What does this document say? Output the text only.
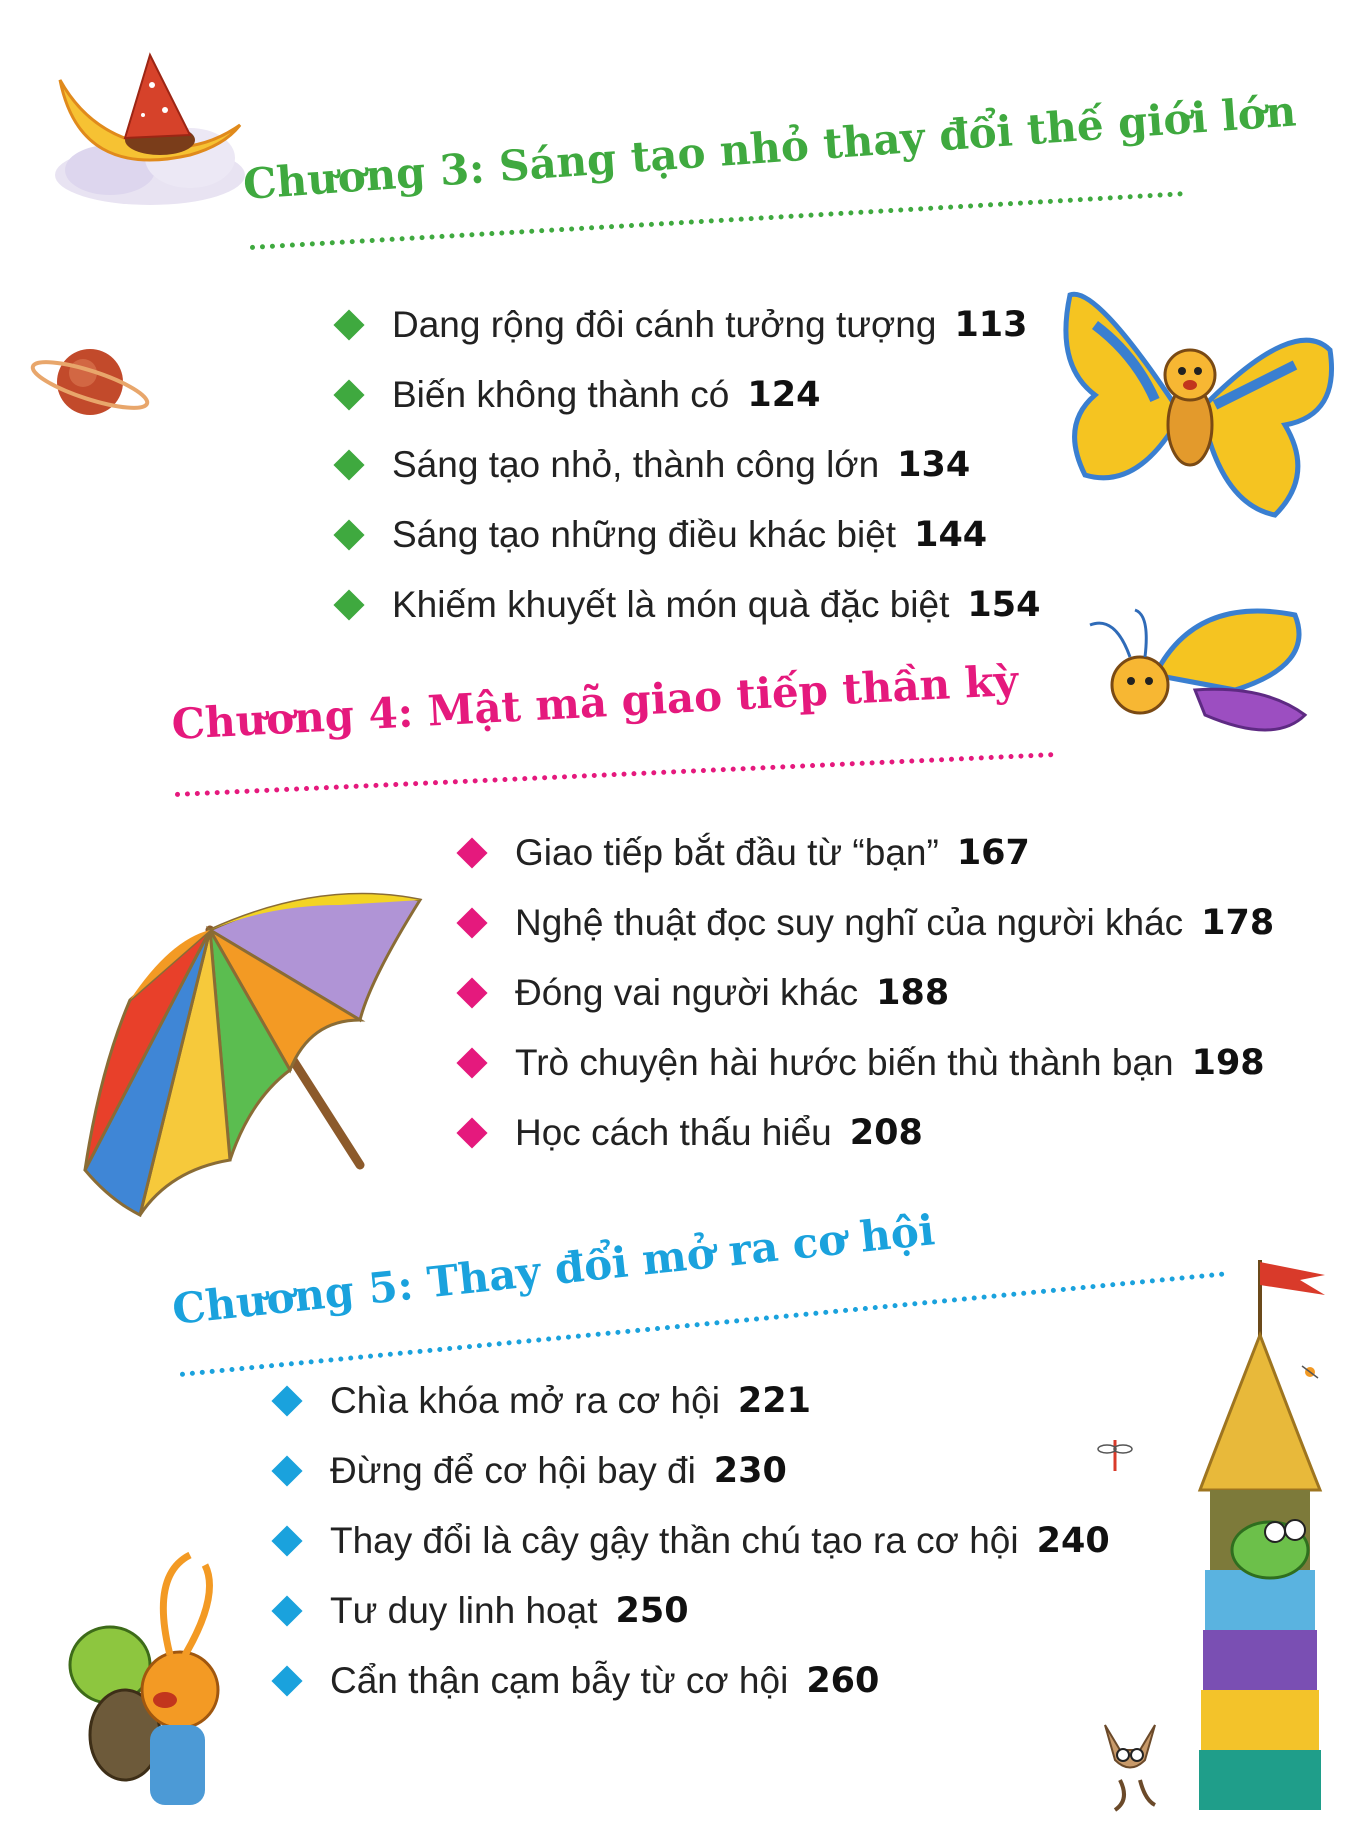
Chương 3: Sáng tạo nhỏ thay đổi thế giới lớn
Dang rộng đôi cánh tưởng tượng 113
Biến không thành có 124
Sáng tạo nhỏ, thành công lớn 134
Sáng tạo những điều khác biệt 144
Khiếm khuyết là món quà đặc biệt 154
Chương 4: Mật mã giao tiếp thần kỳ
Giao tiếp bắt đầu từ “bạn” 167
Nghệ thuật đọc suy nghĩ của người khác 178
Đóng vai người khác 188
Trò chuyện hài hước biến thù thành bạn 198
Học cách thấu hiểu 208
Chương 5: Thay đổi mở ra cơ hội
Chìa khóa mở ra cơ hội 221
Đừng để cơ hội bay đi 230
Thay đổi là cây gậy thần chú tạo ra cơ hội 240
Tư duy linh hoạt 250
Cẩn thận cạm bẫy từ cơ hội 260
